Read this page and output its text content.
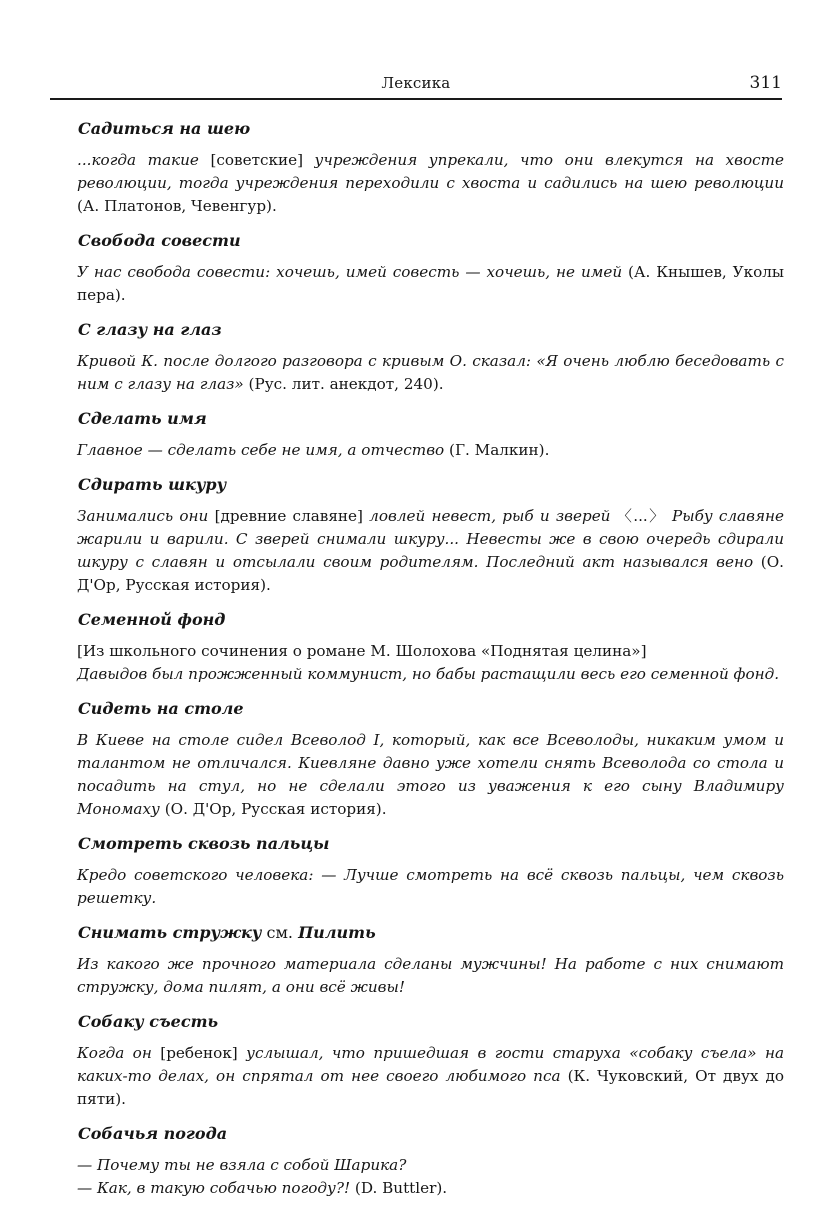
Лексика	311
Садиться на шею

...когда такие [советские] учреждения упрекали, что они влекутся на хвосте революции, тогда учреждения переходили с хвоста и садились на шею революции (А. Платонов, Чевенгур).

Свобода совести

У нас свобода совести: хочешь, имей совесть — хочешь, не имей (А. Кнышев, Уколы пера).

С глазу на глаз

Кривой К. после долгого разговора с кривым О. сказал: «Я очень люблю беседовать с ним с глазу на глаз» (Рус. лит. анекдот, 240).

Сделать имя

Главное — сделать себе не имя, а отчество (Г. Малкин).

Сдирать шкуру

Занимались они [древние славяне] ловлей невест, рыб и зверей 〈...〉 Рыбу славяне жарили и варили. С зверей снимали шкуру... Невесты же в свою очередь сдирали шкуру с славян и отсылали своим родителям. Последний акт назывался вено (О. Д'Ор, Русская история).

Семенной фонд

[Из школьного сочинения о романе М. Шолохова «Поднятая целина»]

Давыдов был прожженный коммунист, но бабы растащили весь его семенной фонд.

Сидеть на столе

В Киеве на столе сидел Всеволод I, который, как все Всеволоды, никаким умом и талантом не отличался. Киевляне давно уже хотели снять Всеволода со стола и посадить на стул, но не сделали этого из уважения к его сыну Владимиру Мономаху (О. Д'Ор, Русская история).

Смотреть сквозь пальцы

Кредо советского человека: — Лучше смотреть на всё сквозь пальцы, чем сквозь решетку.

Снимать стружку см. Пилить

Из какого же прочного материала сделаны мужчины! На работе с них снимают стружку, дома пилят, а они всё живы!

Собаку съесть

Когда он [ребенок] услышал, что пришедшая в гости старуха «собаку съела» на каких-то делах, он спрятал от нее своего любимого пса (К. Чуковский, От двух до пяти).

Собачья погода

— Почему ты не взяла с собой Шарика?
— Как, в такую собачью погоду?! (D. Buttler).
